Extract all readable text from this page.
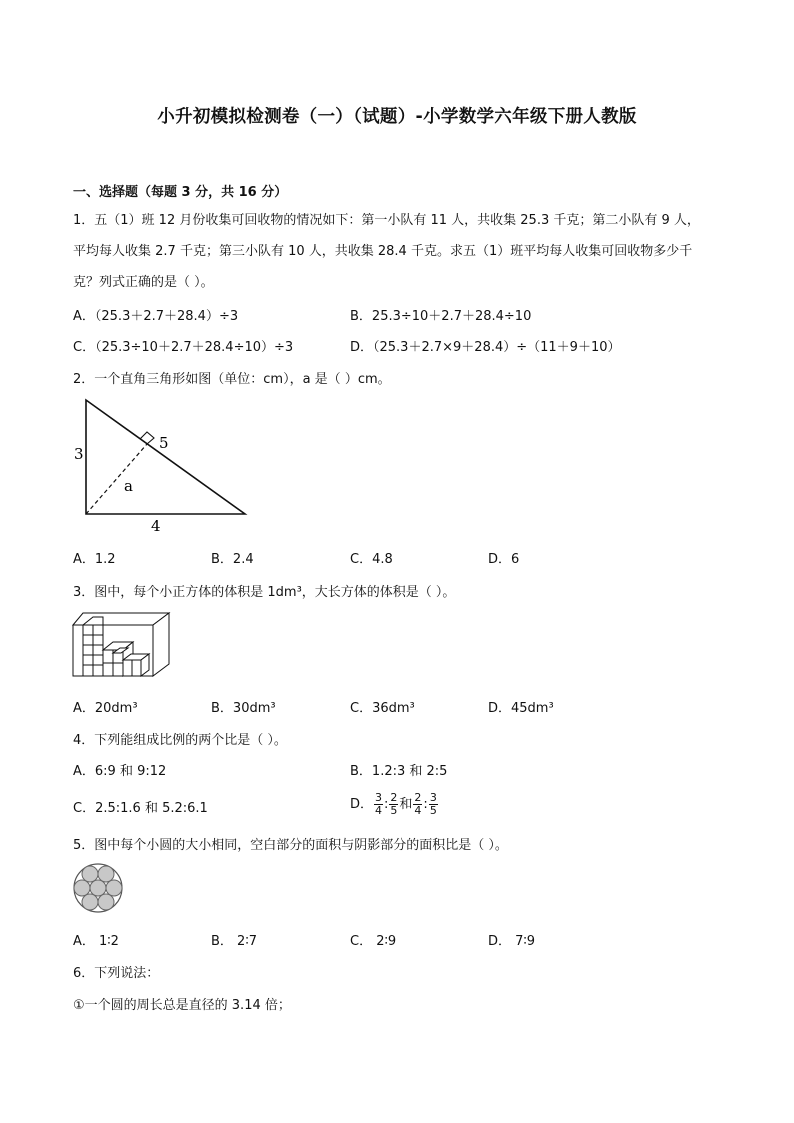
小升初模拟检测卷（一）（试题）-小学数学六年级下册人教版
一、选择题（每题 3 分，共 16 分）
1．五（1）班 12 月份收集可回收物的情况如下：第一小队有 11 人，共收集 25.3 千克；第二小队有 9 人，
平均每人收集 2.7 千克；第三小队有 10 人，共收集 28.4 千克。求五（1）班平均每人收集可回收物多少千
克？列式正确的是（ ）。
A．（25.3＋2.7＋28.4）÷3	B．25.3÷10＋2.7＋28.4÷10
C．（25.3÷10＋2.7＋28.4÷10）÷3	D．（25.3＋2.7×9＋28.4）÷（11＋9＋10）
2．一个直角三角形如图（单位：cm），a 是（ ）cm。
3
4
5
a
A．1.2	B．2.4	C．4.8	D．6
3．图中，每个小正方体的体积是 1dm³，大长方体的体积是（ ）。
A．20dm³	B．30dm³	C．36dm³	D．45dm³
4．下列能组成比例的两个比是（ ）。
A．6:9 和 9:12	B．1.2:3 和 2:5
C．2.5:1.6 和 5.2:6.1	D． $\frac{3}{4}$ : $\frac{2}{5}$ 和 $\frac{2}{4}$ : $\frac{3}{5}$
5．图中每个小圆的大小相同，空白部分的面积与阴影部分的面积比是（ ）。
A． 1∶2	B． 2∶7	C． 2∶9	D． 7∶9
6．下列说法：
①一个圆的周长总是直径的 3.14 倍；
